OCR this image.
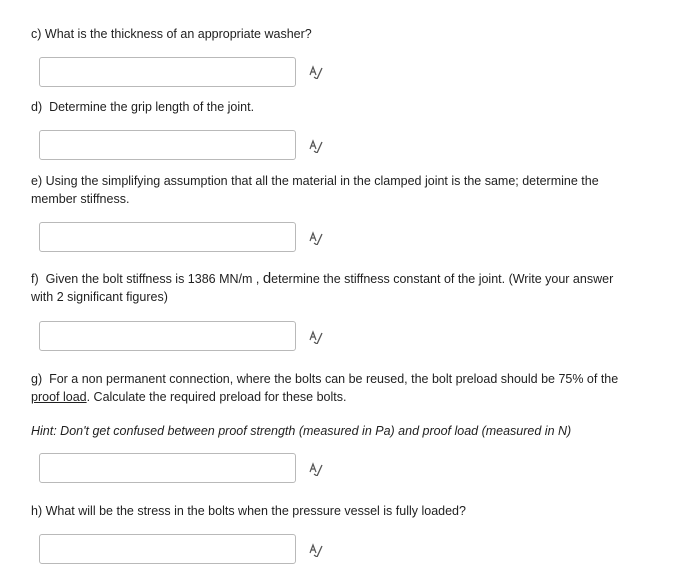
c) What is the thickness of an appropriate washer?
d) Determine the grip length of the joint.
e) Using the simplifying assumption that all the material in the clamped joint is the same; determine the member stiffness.
f) Given the bolt stiffness is 1386 MN/m , determine the stiffness constant of the joint. (Write your answer with 2 significant figures)
g) For a non permanent connection, where the bolts can be reused, the bolt preload should be 75% of the proof load. Calculate the required preload for these bolts.
Hint: Don't get confused between proof strength (measured in Pa) and proof load (measured in N)
h) What will be the stress in the bolts when the pressure vessel is fully loaded?
